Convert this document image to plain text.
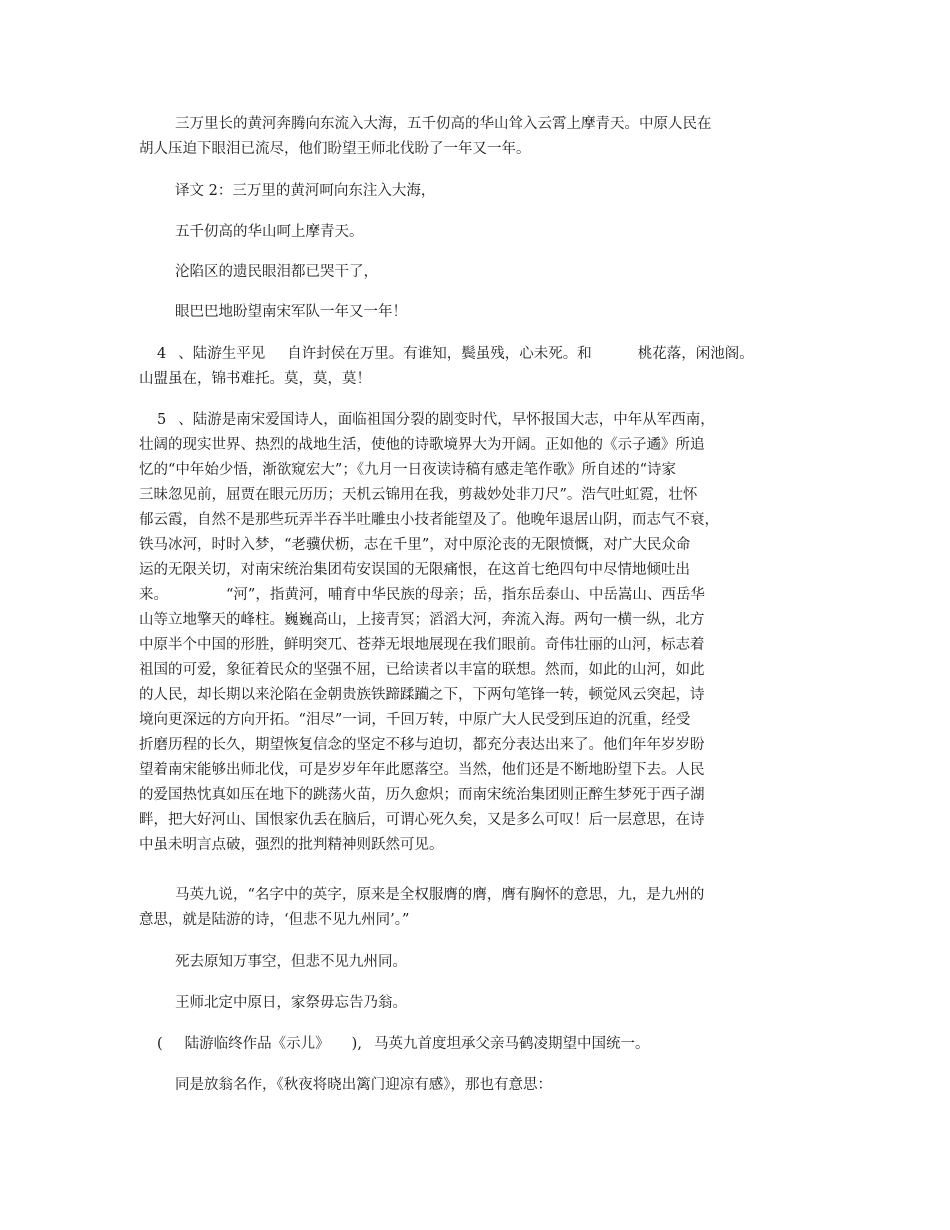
三万里长的黄河奔腾向东流入大海，五千仞高的华山耸入云霄上摩青天。中原人民在
胡人压迫下眼泪已流尽，他们盼望王师北伐盼了一年又一年。
译文 2：三万里的黄河呵向东注入大海，
五千仞高的华山呵上摩青天。
沦陷区的遗民眼泪都已哭干了，
眼巴巴地盼望南宋军队一年又一年！
4 、陆游生平见 自许封侯在万里。有谁知，鬓虽残，心未死。和	桃花落，闲池阁。
山盟虽在，锦书难托。莫，莫，莫！
5 、陆游是南宋爱国诗人，面临祖国分裂的剧变时代，早怀报国大志，中年从军西南，
壮阔的现实世界、热烈的战地生活，使他的诗歌境界大为开阔。正如他的《示子遹》所追
忆的“中年始少悟，渐欲窥宏大”；《九月一日夜读诗稿有感走笔作歌》所自述的“诗家
三昧忽见前，屈贾在眼元历历；天机云锦用在我，剪裁妙处非刀尺”。浩气吐虹霓，壮怀
郁云霞，自然不是那些玩弄半吞半吐雕虫小技者能望及了。他晚年退居山阴，而志气不衰，
铁马冰河，时时入梦，“老骥伏枥，志在千里”，对中原沦丧的无限愤慨，对广大民众命
运的无限关切，对南宋统治集团苟安误国的无限痛恨，在这首七绝四句中尽情地倾吐出
来。	“河”，指黄河，哺育中华民族的母亲；岳，指东岳泰山、中岳嵩山、西岳华
山等立地擎天的峰柱。巍巍高山，上接青冥；滔滔大河，奔流入海。两句一横一纵，北方
中原半个中国的形胜，鲜明突兀、苍莽无垠地展现在我们眼前。奇伟壮丽的山河，标志着
祖国的可爱，象征着民众的坚强不屈，已给读者以丰富的联想。然而，如此的山河，如此
的人民，却长期以来沦陷在金朝贵族铁蹄蹂躏之下，下两句笔锋一转，顿觉风云突起，诗
境向更深远的方向开拓。“泪尽”一词，千回万转，中原广大人民受到压迫的沉重，经受
折磨历程的长久，期望恢复信念的坚定不移与迫切，都充分表达出来了。他们年年岁岁盼
望着南宋能够出师北伐，可是岁岁年年此愿落空。当然，他们还是不断地盼望下去。人民
的爱国热忱真如压在地下的跳荡火苗，历久愈炽；而南宋统治集团则正醉生梦死于西子湖
畔，把大好河山、国恨家仇丢在脑后，可谓心死久矣，又是多么可叹！后一层意思，在诗
中虽未明言点破，强烈的批判精神则跃然可见。
马英九说，“名字中的英字，原来是全权服膺的膺，膺有胸怀的意思，九，是九州的
意思，就是陆游的诗，‘但悲不见九州同’。”
死去原知万事空，但悲不见九州同。
王师北定中原日，家祭毋忘告乃翁。
( 陆游临终作品《示儿》 ), 马英九首度坦承父亲马鹤凌期望中国统一。
同是放翁名作，《秋夜将晓出篱门迎凉有感》，那也有意思：
